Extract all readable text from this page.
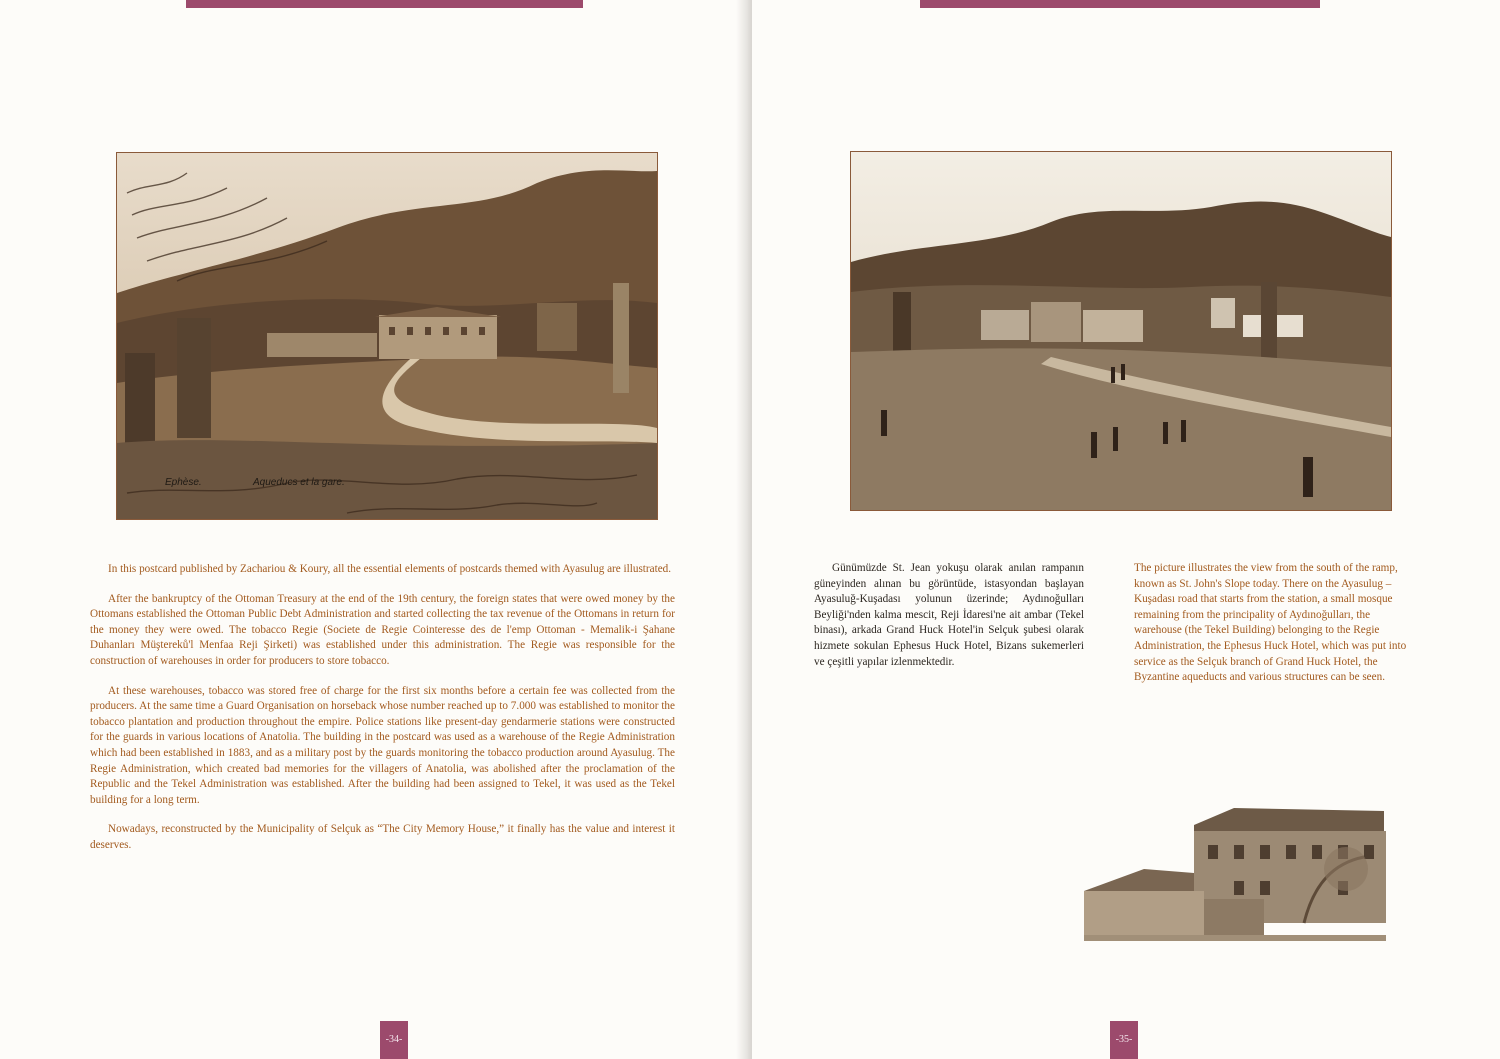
Ephèse.	Aqueducs et la gare.

In this postcard published by Zachariou & Koury, all the essential elements of postcards themed with Ayasulug are illustrated.

After the bankruptcy of the Ottoman Treasury at the end of the 19th century, the foreign states that were owed money by the Ottomans established the Ottoman Public Debt Administration and started collecting the tax revenue of the Ottomans in return for the money they were owed. The tobacco Regie (Societe de Regie Cointeresse des de l'emp Ottoman - Memalik-i Şahane Duhanları Müştereků'l Menfaa Reji Şirketi) was established under this administration. The Regie was responsible for the construction of warehouses in order for producers to store tobacco.

At these warehouses, tobacco was stored free of charge for the first six months before a certain fee was collected from the producers. At the same time a Guard Organisation on horseback whose number reached up to 7.000 was established to monitor the tobacco plantation and production throughout the empire. Police stations like present-day gendarmerie stations were constructed for the guards in various locations of Anatolia. The building in the postcard was used as a warehouse of the Regie Administration which had been established in 1883, and as a military post by the guards monitoring the tobacco production around Ayasulug. The Regie Administration, which created bad memories for the villagers of Anatolia, was abolished after the proclamation of the Republic and the Tekel Administration was established. After the building had been assigned to Tekel, it was used as the Tekel building for a long term.

Nowadays, reconstructed by the Municipality of Selçuk as “The City Memory House,” it finally has the value and interest it deserves.

-34-

Günümüzde St. Jean yokuşu olarak anılan rampanın güneyinden alınan bu görüntüde, istasyondan başlayan Ayasuluğ-Kuşadası yolunun üzerinde; Aydınoğulları Beyliği'nden kalma mescit, Reji İdaresi'ne ait ambar (Tekel binası), arkada Grand Huck Hotel'in Selçuk şubesi olarak hizmete sokulan Ephesus Huck Hotel, Bizans sukemerleri ve çeşitli yapılar izlenmektedir.

The picture illustrates the view from the south of the ramp, known as St. John's Slope today. There on the Ayasulug – Kuşadası road that starts from the station, a small mosque remaining from the principality of Aydınoğulları, the warehouse (the Tekel Building) belonging to the Regie Administration, the Ephesus Huck Hotel, which was put into service as the Selçuk branch of Grand Huck Hotel, the Byzantine aqueducts and various structures can be seen.

-35-
